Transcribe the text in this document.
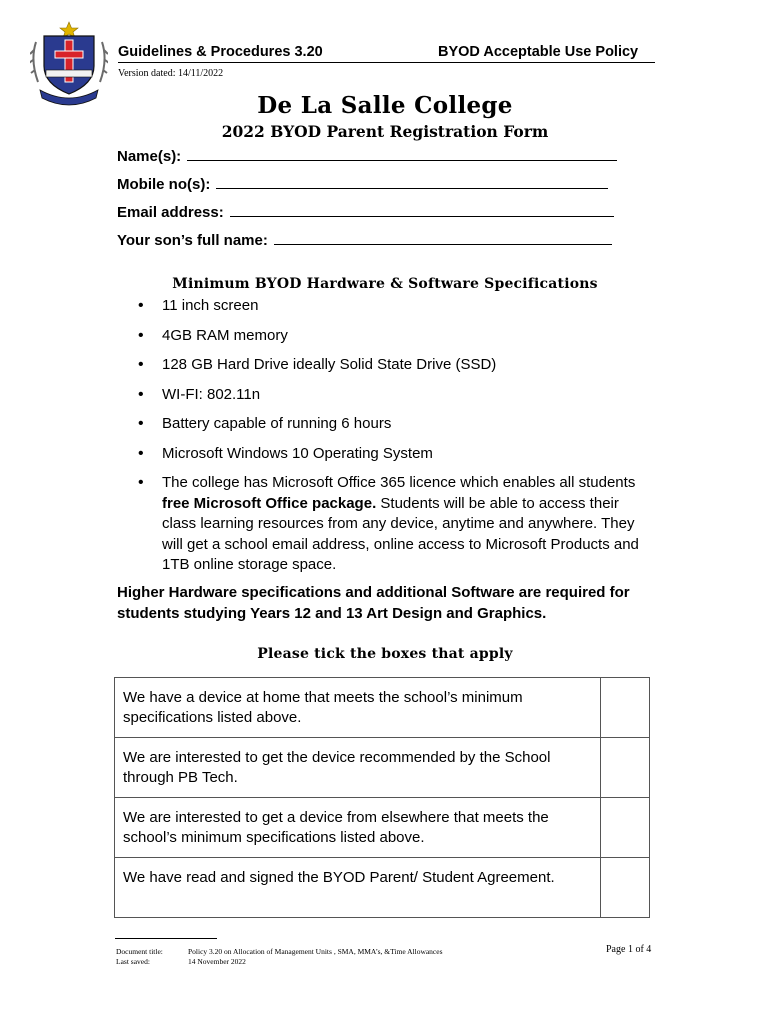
Guidelines & Procedures 3.20	BYOD Acceptable Use Policy
Version dated: 14/11/2022
De La Salle College
2022 BYOD Parent Registration Form
Name(s):
Mobile no(s):
Email address:
Your son’s full name:
Minimum BYOD Hardware & Software Specifications
• 11 inch screen
• 4GB RAM memory
• 128 GB Hard Drive ideally Solid State Drive (SSD)
• WI-FI: 802.11n
• Battery capable of running 6 hours
• Microsoft Windows 10 Operating System
• The college has Microsoft Office 365 licence which enables all students free Microsoft Office package. Students will be able to access their class learning resources from any device, anytime and anywhere. They will get a school email address, online access to Microsoft Products and 1TB online storage space.
Higher Hardware specifications and additional Software are required for students studying Years 12 and 13 Art Design and Graphics.
Please tick the boxes that apply
We have a device at home that meets the school’s minimum specifications listed above.	
We are interested to get the device recommended by the School through PB Tech.	
We are interested to get a device from elsewhere that meets the school’s minimum specifications listed above.	
We have read and signed the BYOD Parent/ Student Agreement.	
Document title:	Policy 3.20 on Allocation of Management Units , SMA, MMA’s, &Time Allowances
Last saved:	14 November 2022
Page 1 of 4
